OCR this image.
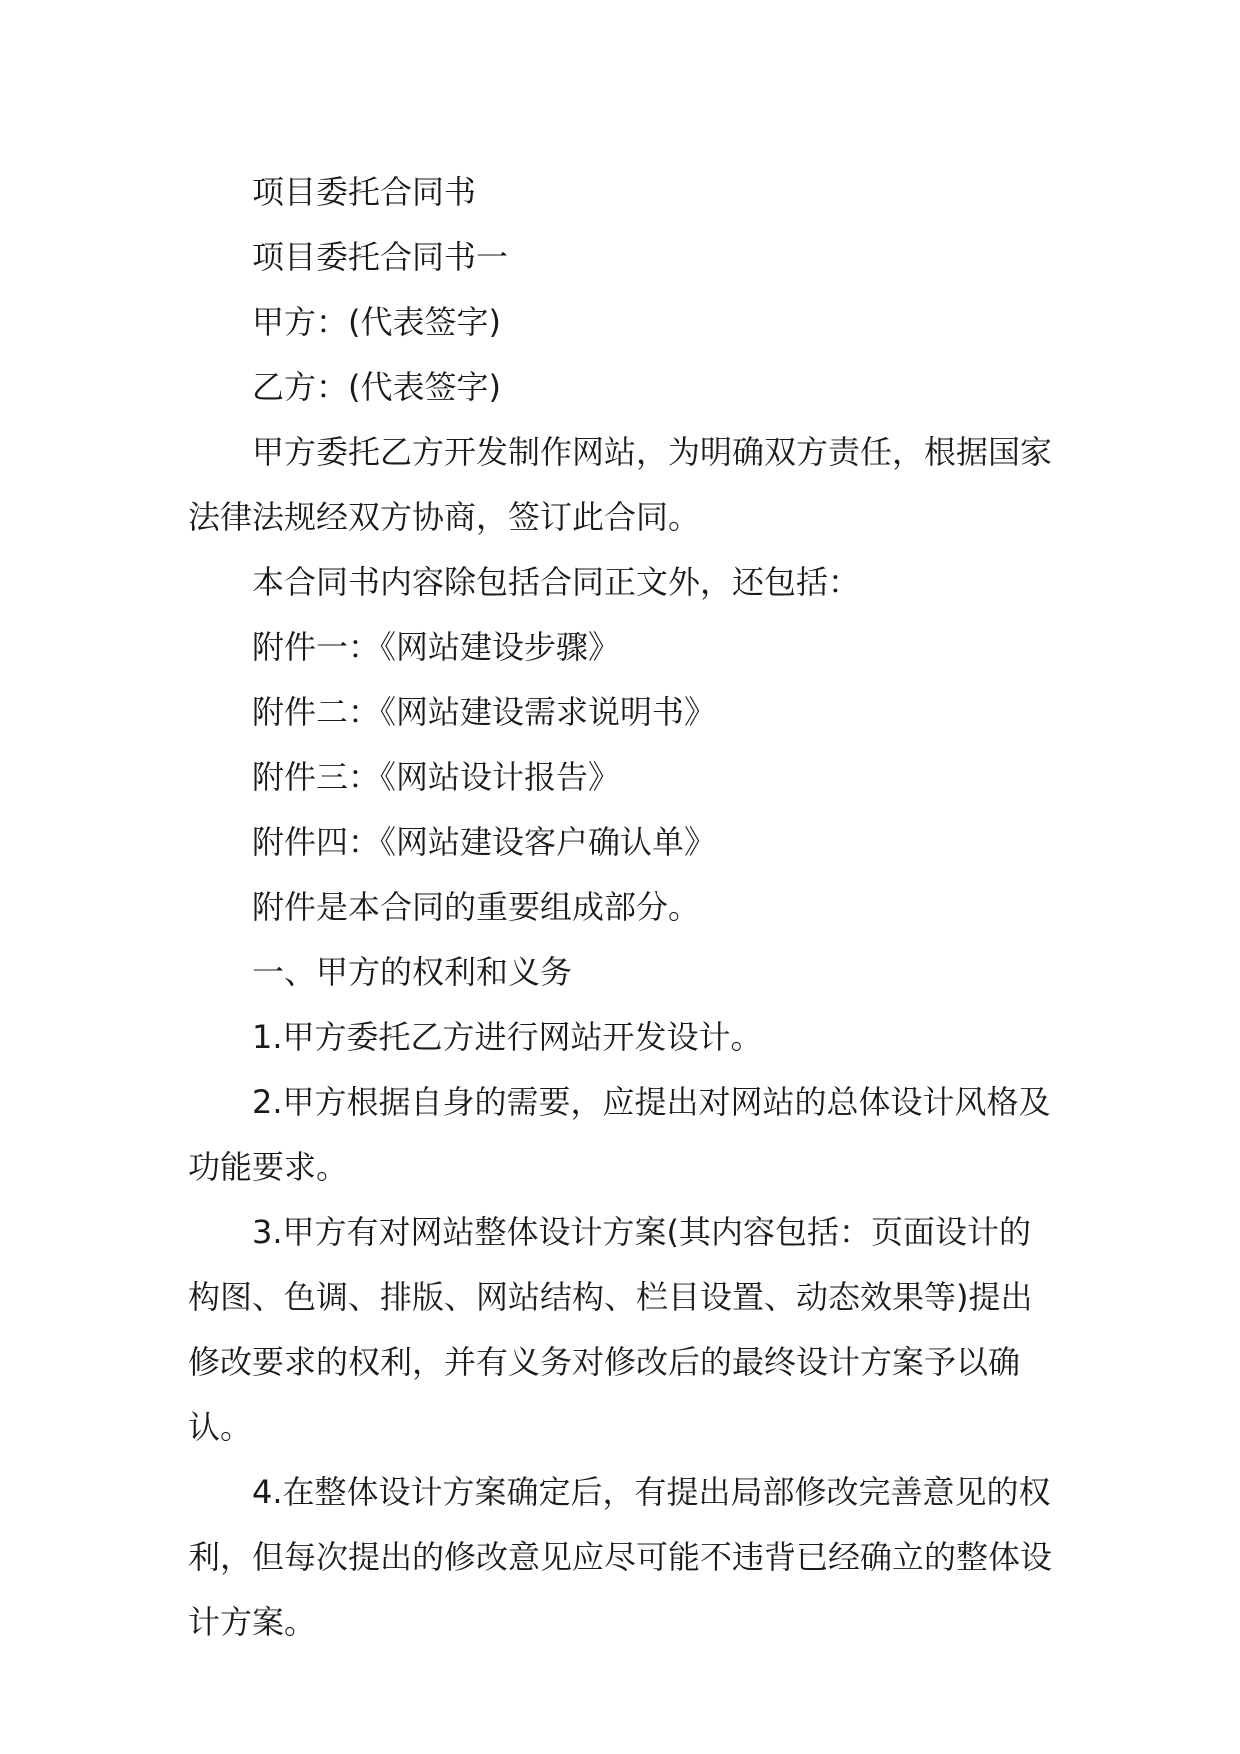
项目委托合同书

项目委托合同书一

甲方：(代表签字)

乙方：(代表签字)

甲方委托乙方开发制作网站，为明确双方责任，根据国家法律法规经双方协商，签订此合同。

本合同书内容除包括合同正文外，还包括：

附件一：《网站建设步骤》

附件二：《网站建设需求说明书》

附件三：《网站设计报告》

附件四：《网站建设客户确认单》

附件是本合同的重要组成部分。

一、甲方的权利和义务

1.甲方委托乙方进行网站开发设计。

2.甲方根据自身的需要，应提出对网站的总体设计风格及功能要求。

3.甲方有对网站整体设计方案(其内容包括：页面设计的构图、色调、排版、网站结构、栏目设置、动态效果等)提出修改要求的权利，并有义务对修改后的最终设计方案予以确认。

4.在整体设计方案确定后，有提出局部修改完善意见的权利，但每次提出的修改意见应尽可能不违背已经确立的整体设计方案。
